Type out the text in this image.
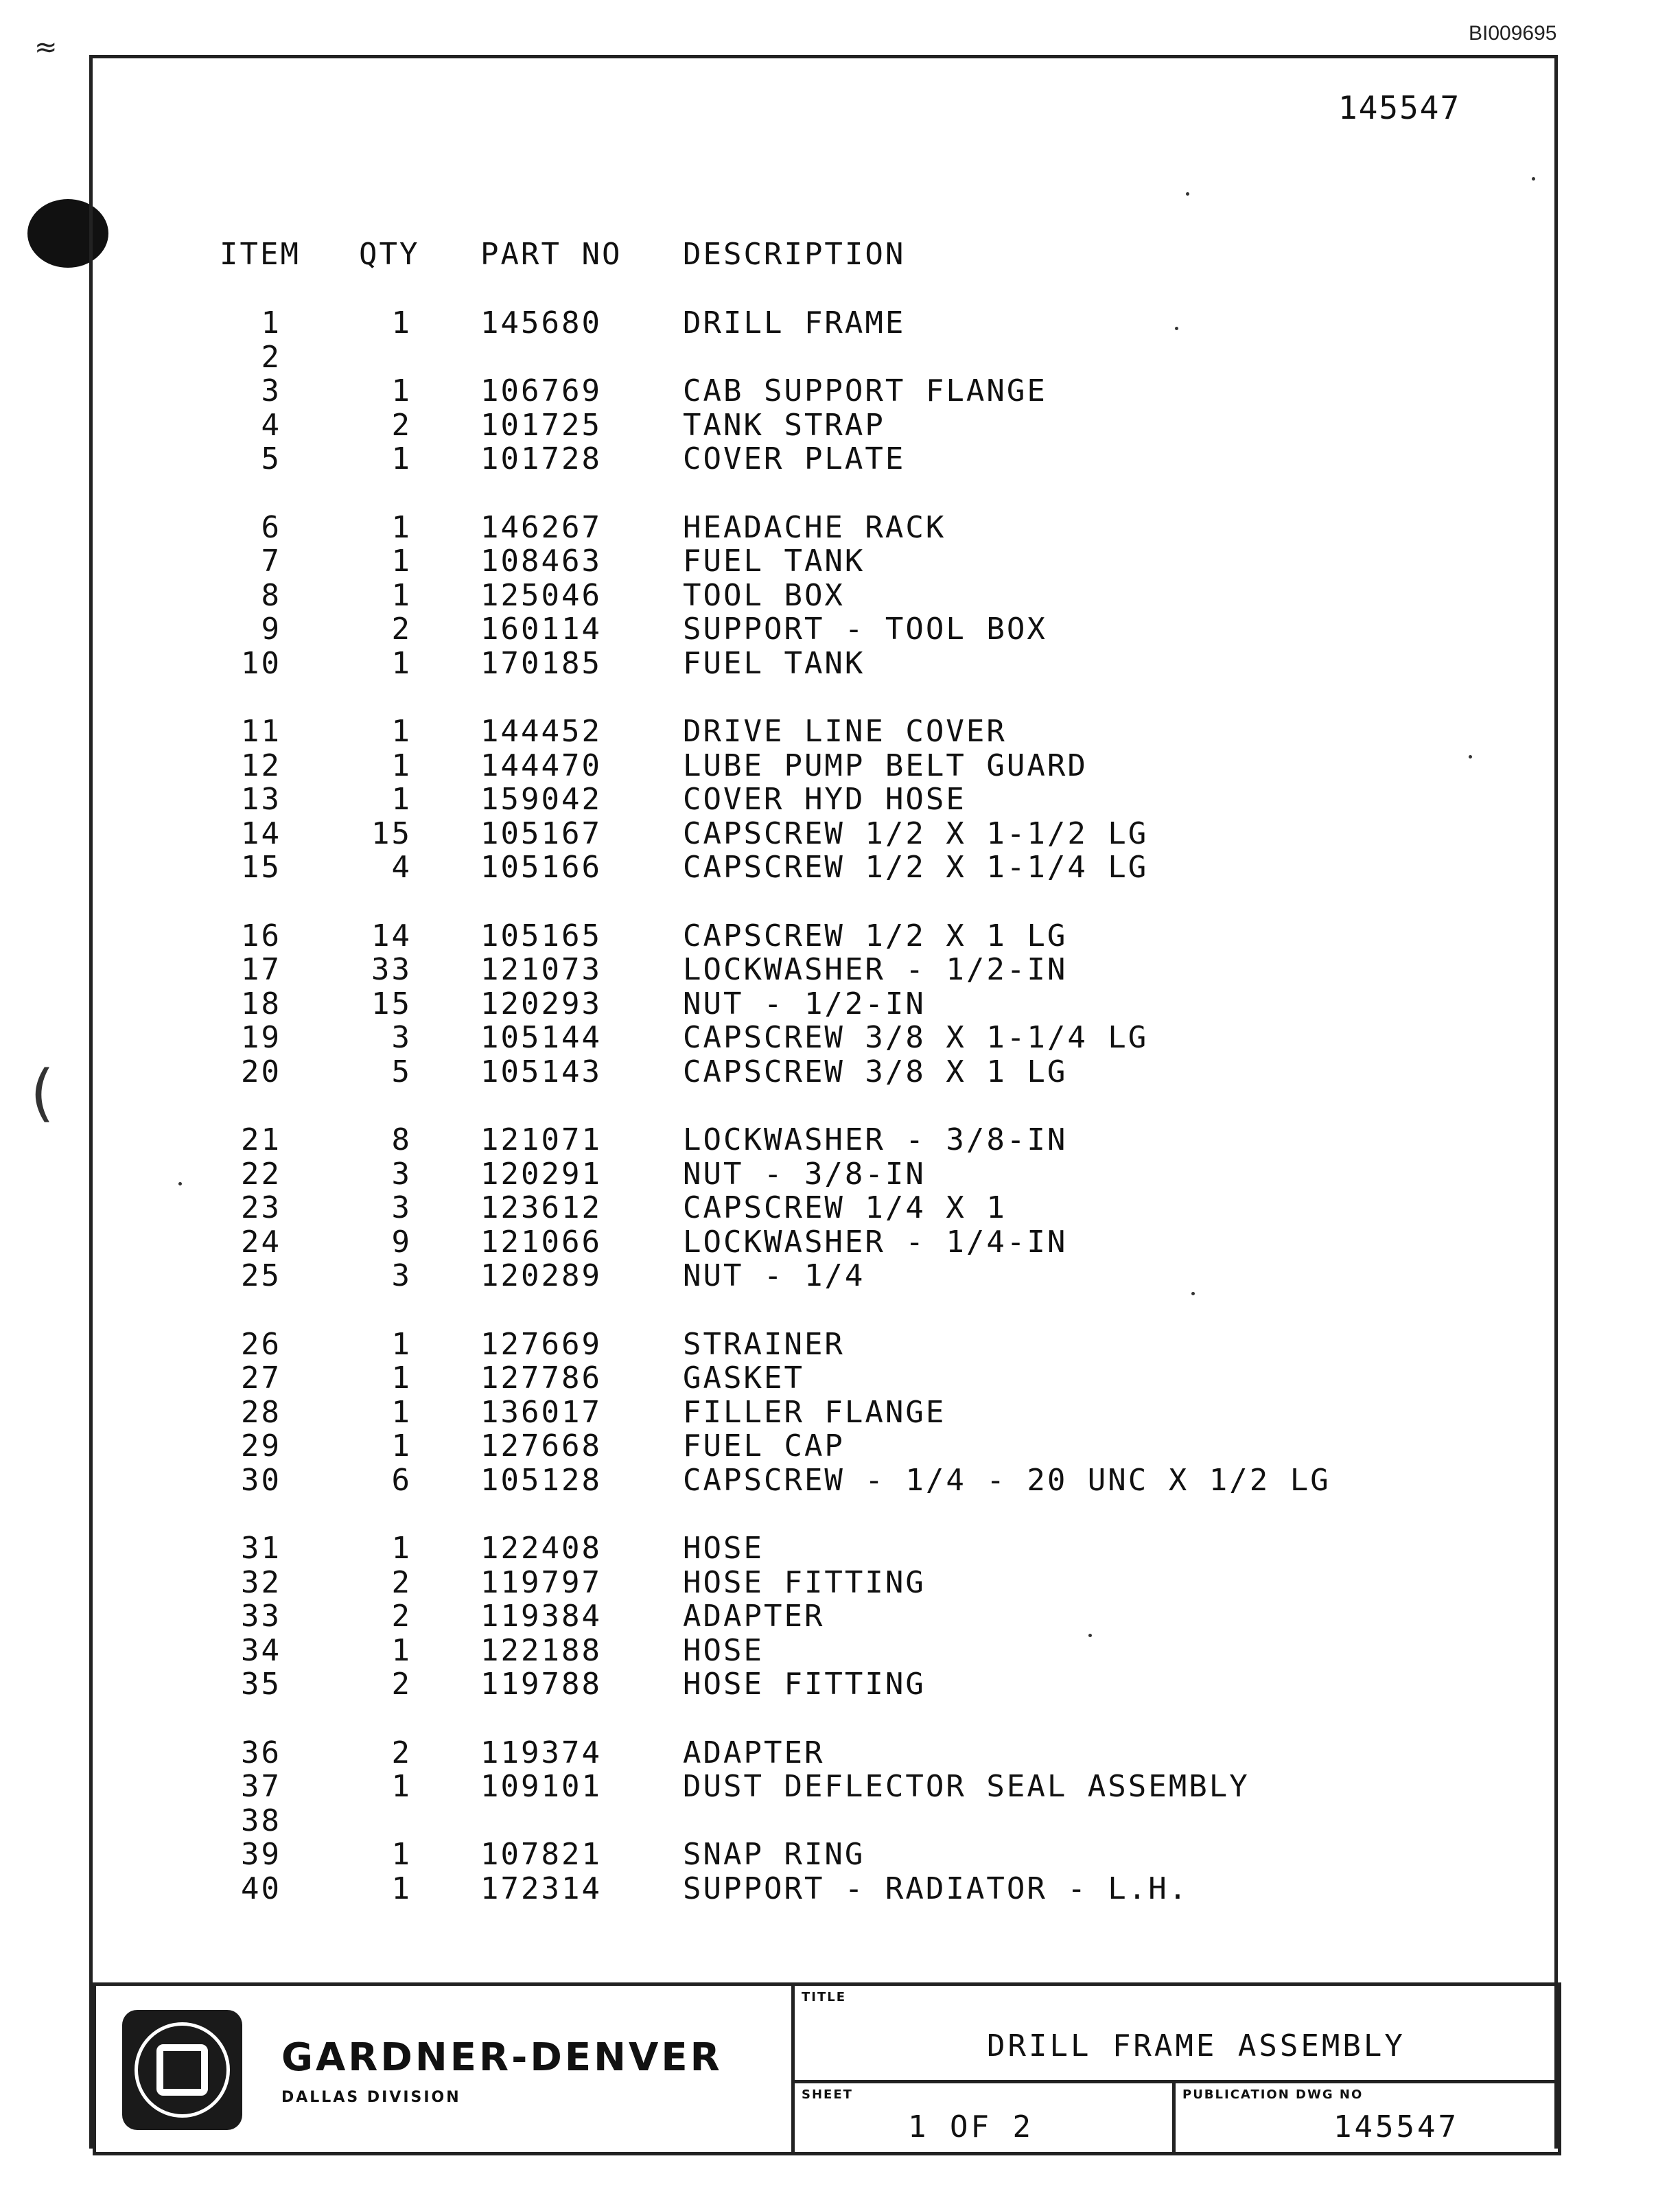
BI009695
≈
(
145547
ITEM QTY PART NO DESCRIPTION
1	1 145680	DRILL FRAME
2
3	1 106769	CAB SUPPORT FLANGE
4	2 101725	TANK STRAP
5	1 101728	COVER PLATE
6	1 146267	HEADACHE RACK
7	1 108463	FUEL TANK
8	1 125046	TOOL BOX
9	2 160114	SUPPORT - TOOL BOX
10	1 170185	FUEL TANK
11	1 144452	DRIVE LINE COVER
12	1 144470	LUBE PUMP BELT GUARD
13	1 159042	COVER HYD HOSE
14	15 105167	CAPSCREW 1/2 X 1-1/2 LG
15	4 105166	CAPSCREW 1/2 X 1-1/4 LG
16	14 105165	CAPSCREW 1/2 X 1 LG
17	33 121073	LOCKWASHER - 1/2-IN
18	15 120293	NUT - 1/2-IN
19	3 105144	CAPSCREW 3/8 X 1-1/4 LG
20	5 105143	CAPSCREW 3/8 X 1 LG
21	8 121071	LOCKWASHER - 3/8-IN
22	3 120291	NUT - 3/8-IN
23	3 123612	CAPSCREW 1/4 X 1
24	9 121066	LOCKWASHER - 1/4-IN
25	3 120289	NUT - 1/4
26	1 127669	STRAINER
27	1 127786	GASKET
28	1 136017	FILLER FLANGE
29	1 127668	FUEL CAP
30	6 105128	CAPSCREW - 1/4 - 20 UNC X 1/2 LG
31	1 122408	HOSE
32	2 119797	HOSE FITTING
33	2 119384	ADAPTER
34	1 122188	HOSE
35	2 119788	HOSE FITTING
36	2 119374	ADAPTER
37	1 109101	DUST DEFLECTOR SEAL ASSEMBLY
38
39	1 107821	SNAP RING
40	1 172314	SUPPORT - RADIATOR - L.H.
GARDNER-DENVER
DALLAS DIVISION
TITLE
DRILL FRAME ASSEMBLY
SHEET
1 OF 2
PUBLICATION DWG NO
145547
